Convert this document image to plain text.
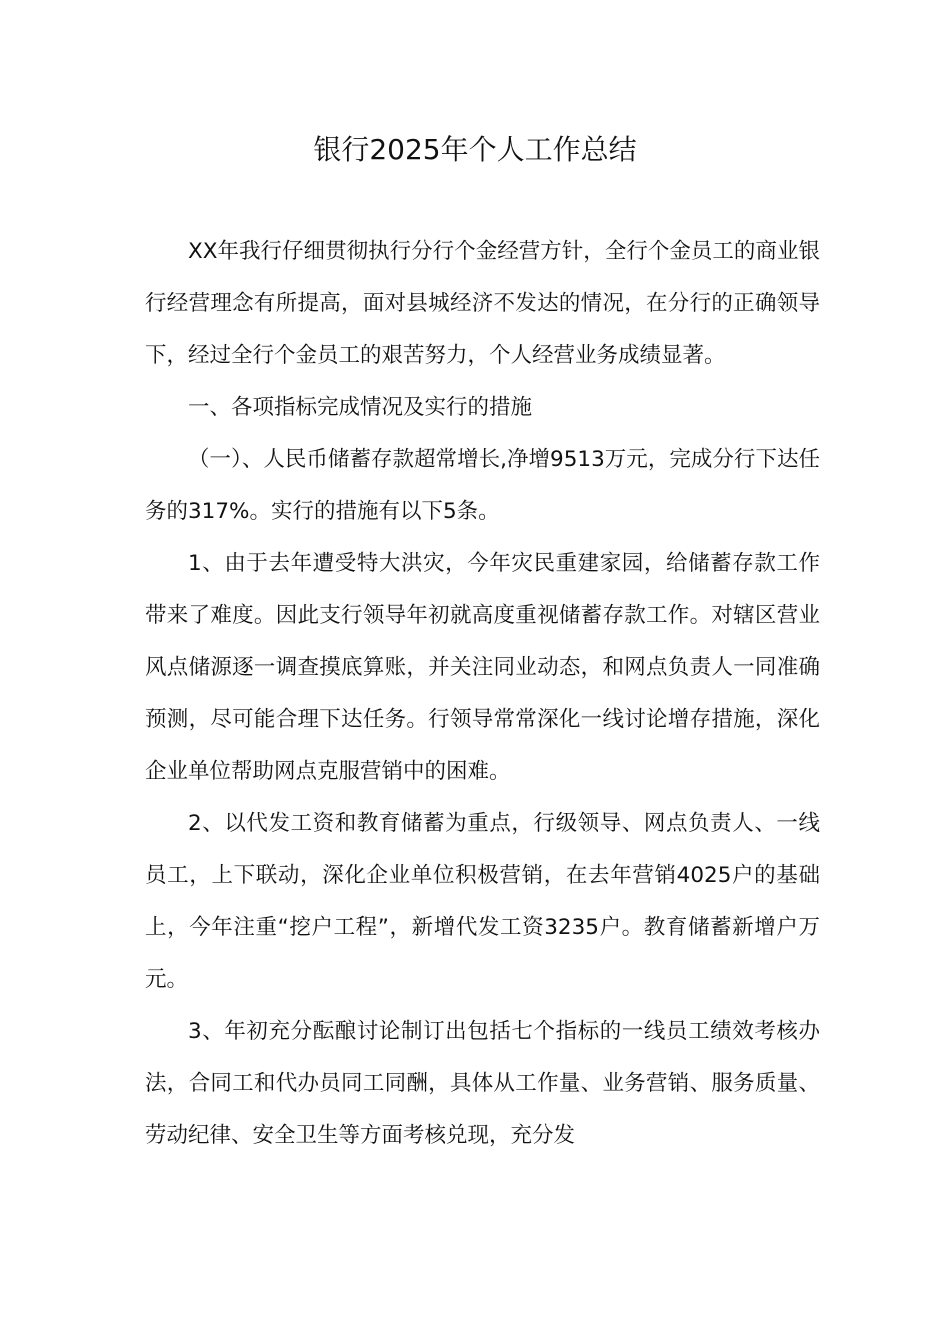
银行2025年个人工作总结

XX年我行仔细贯彻执行分行个金经营方针，全行个金员工的商业银行经营理念有所提高，面对县城经济不发达的情况，在分行的正确领导下，经过全行个金员工的艰苦努力，个人经营业务成绩显著。

一、各项指标完成情况及实行的措施

（一）、人民币储蓄存款超常增长,净增9513万元，完成分行下达任务的317%。实行的措施有以下5条。

1、由于去年遭受特大洪灾，今年灾民重建家园，给储蓄存款工作带来了难度。因此支行领导年初就高度重视储蓄存款工作。对辖区营业风点储源逐一调查摸底算账，并关注同业动态，和网点负责人一同准确预测，尽可能合理下达任务。行领导常常深化一线讨论增存措施，深化企业单位帮助网点克服营销中的困难。

2、以代发工资和教育储蓄为重点，行级领导、网点负责人、一线员工，上下联动，深化企业单位积极营销，在去年营销4025户的基础上，今年注重“挖户工程”，新增代发工资3235户。教育储蓄新增户万元。

3、年初充分酝酿讨论制订出包括七个指标的一线员工绩效考核办法，合同工和代办员同工同酬，具体从工作量、业务营销、服务质量、劳动纪律、安全卫生等方面考核兑现，充分发
